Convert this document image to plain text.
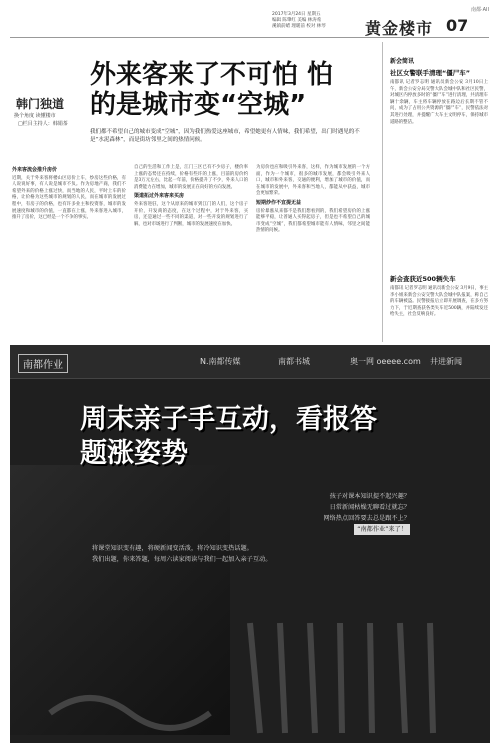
2017年3月24日 星期五
编辑 陈肇红 美编 林涛希
溪镇前蜡 理暖前 校对 林琴 黄金楼市 07
南都·AII
韩门独道
换个角度 读懂楼市
□栏目主持人：韩娟茶
外来客来了不可怕 怕的是城市变“空城”
我们都不希望自己的城市变成“空城”，因为我们热爱这座城市，希望她更有人情味，我们希望，出门时遇见的不是“水泥森林”，而是街坊邻里之间的热情问候。
外来客流会推升房价
近期，关于外来客将楼山区房价上车，炒房这些价格，有人说说好事，有人说是城市不负。作为房地产商，我们不希望外来的价格上涨过快，而当地的人民，平时上车的价格，让价格为这些城市的规划的人民，而在城市的发展过程中，有房子的价格，也有许多业主和投资客，城市的发展速度和城市的价值，一直都在上涨，外来客进入城市，推升了房价，这已经是一个不争的事实。
自己的生活和工作上是，江门三区已有不少房子，楼价率上涨的态势还在持续，价格有些许的上涨，目前的房价约是3万元左右，比起一年前，价格提升了不少，外来人口的消费能力在增加，城市的发展正在向好的方向发展。
渠道拓过外来客来买房
外来客进驻，这个从原来的城市到江门的人们，这个房子开价，开发商的态度，在这个过程中，对于外来客，买房，还是通过一些不同的渠道，对一些开发的规划进行了解，也对市场进行了判断，城市的发展速度在加快。
为房价也应和吸引外来客，这样，作为城市发展的一个方面，作为一个城市，很多的城市发展，都会吸引外来人口，城市和外来客，交通的便利，增加了城市的价值，而在城市的发展中，外来客和当地人，都能从中获益，城市会更加繁荣。
短期炒作不宜提无益
房价暴涨从来都不是我们想看到的，我们希望房价的上涨能够平稳，让普通人买得起房子，但是也不希望自己的城市变成“空城”，我们都希望城市能有人情味，邻里之间能热情的问候。
新会简讯
社区女警联手清理“僵尸车”
南都讯 记者罗志明 通讯员新会公安 3月10日上午，新会公安分局交警大队会城中队和社区民警，对城区内停放多时的“僵尸车”进行清理，共清理车辆十余辆，车主将车辆停放在路边后长期不管不问，成为了占用公共资源的“僵尸车”，民警依法对其进行处理，并提醒广大车主文明停车，保持城市道路的整洁。
新会查获近500辆失车
南都讯 记者罗志明 通讯员新会公安 3月9日，事主李小姐来新会公安交警大队会城中队报案，称自己的车辆被盗。民警接报后立即开展调查，在多方努力下，于近期查获各类失车近500辆，并陆续发还给失主，社会反响良好。
南都作业	N.南都传媒	南都书城	奥一网 oeeee.com 井进新闻
周末亲子手互动，看报答题涨姿势
孩子对课本知识提不起兴趣？
日常新闻枯燥无聊看过就忘？
网络热点回答要去总是跟不上？
“南都作业”来了！
将课堂知识变有趣，将硬新闻变活泼，将冷知识变热话题。
我们出题，你来答题，每周六读家阅读与我们一起加入亲子互动。
